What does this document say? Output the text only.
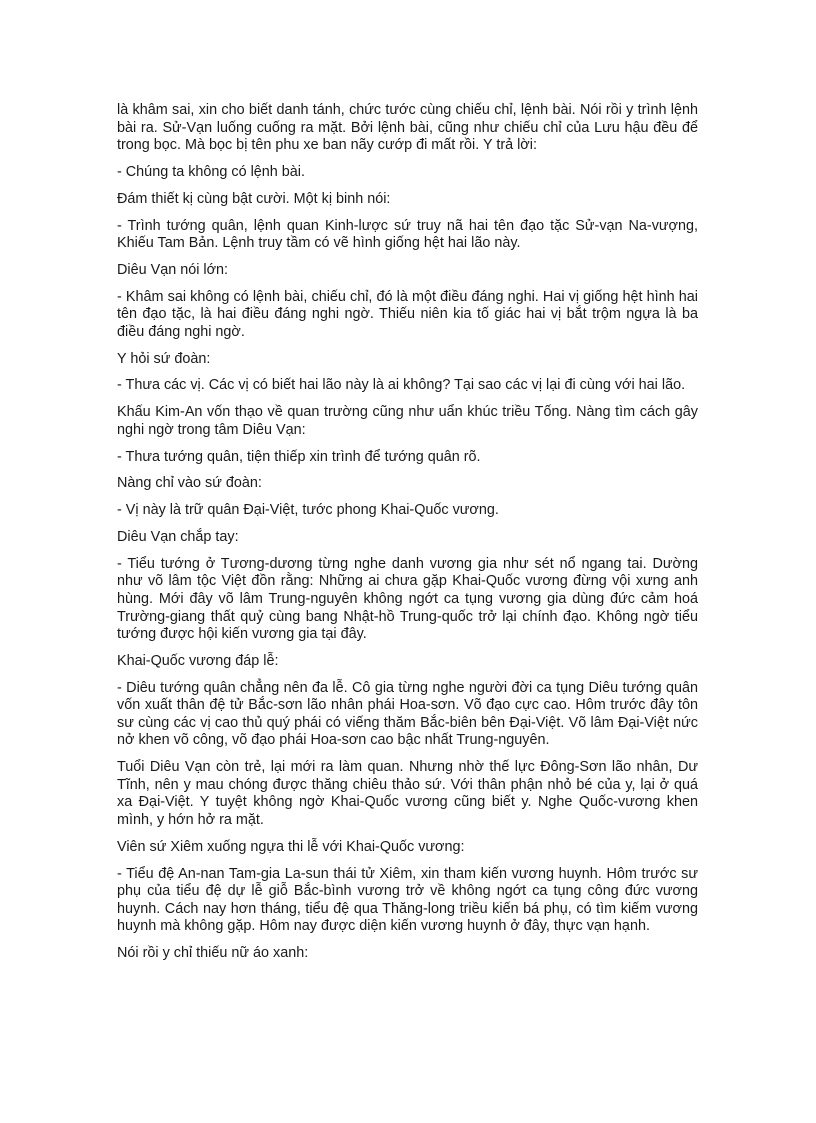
là khâm sai, xin cho biết danh tánh, chức tước cùng chiếu chỉ, lệnh bài. Nói rồi y trình lệnh bài ra. Sử-Vạn luống cuống ra mặt. Bởi lệnh bài, cũng như chiếu chỉ của Lưu hậu đều để trong bọc. Mà bọc bị tên phu xe ban nãy cướp đi mất rồi. Y trả lời:

- Chúng ta không có lệnh bài.

Đám thiết kị cùng bật cười. Một kị binh nói:

- Trình tướng quân, lệnh quan Kinh-lược sứ truy nã hai tên đạo tặc Sử-vạn Na-vượng, Khiếu Tam Bản. Lệnh truy tầm có vẽ hình giống hệt hai lão này.

Diêu Vạn nói lớn:

- Khâm sai không có lệnh bài, chiếu chỉ, đó là một điều đáng nghi. Hai vị giống hệt hình hai tên đạo tặc, là hai điều đáng nghi ngờ. Thiếu niên kia tố giác hai vị bắt trộm ngựa là ba điều đáng nghi ngờ.

Y hỏi sứ đoàn:

- Thưa các vị. Các vị có biết hai lão này là ai không? Tại sao các vị lại đi cùng với hai lão.

Khấu Kim-An vốn thạo về quan trường cũng như uẩn khúc triều Tống. Nàng tìm cách gây nghi ngờ trong tâm Diêu Vạn:

- Thưa tướng quân, tiện thiếp xin trình để tướng quân rõ.

Nàng chỉ vào sứ đoàn:

- Vị này là trữ quân Đại-Việt, tước phong Khai-Quốc vương.

Diêu Vạn chắp tay:

- Tiểu tướng ở Tương-dương từng nghe danh vương gia như sét nổ ngang tai. Dường như võ lâm tộc Việt đồn rằng: Những ai chưa gặp Khai-Quốc vương đừng vội xưng anh hùng. Mới đây võ lâm Trung-nguyên không ngớt ca tụng vương gia dùng đức cảm hoá Trường-giang thất quỷ cùng bang Nhật-hồ Trung-quốc trở lại chính đạo. Không ngờ tiểu tướng được hội kiến vương gia tại đây.

Khai-Quốc vương đáp lễ:

- Diêu tướng quân chẳng nên đa lễ. Cô gia từng nghe người đời ca tụng Diêu tướng quân vốn xuất thân đệ tử Bắc-sơn lão nhân phái Hoa-sơn. Võ đạo cực cao. Hôm trước đây tôn sư cùng các vị cao thủ quý phái có viếng thăm Bắc-biên bên Đại-Việt. Võ lâm Đại-Việt nức nở khen võ công, võ đạo phái Hoa-sơn cao bậc nhất Trung-nguyên.

Tuổi Diêu Vạn còn trẻ, lại mới ra làm quan. Nhưng nhờ thế lực Đông-Sơn lão nhân, Dư Tĩnh, nên y mau chóng được thăng chiêu thảo sứ. Với thân phận nhỏ bé của y, lại ở quá xa Đại-Việt. Y tuyệt không ngờ Khai-Quốc vương cũng biết y. Nghe Quốc-vương khen mình, y hớn hở ra mặt.

Viên sứ Xiêm xuống ngựa thi lễ với Khai-Quốc vương:

- Tiểu đệ An-nan Tam-gia La-sun thái tử Xiêm, xin tham kiến vương huynh. Hôm trước sư phụ của tiểu đệ dự lễ giỗ Bắc-bình vương trở về không ngớt ca tụng công đức vương huynh. Cách nay hơn tháng, tiểu đệ qua Thăng-long triều kiến bá phụ, có tìm kiếm vương huynh mà không gặp. Hôm nay được diện kiến vương huynh ở đây, thực vạn hạnh.

Nói rồi y chỉ thiếu nữ áo xanh:
